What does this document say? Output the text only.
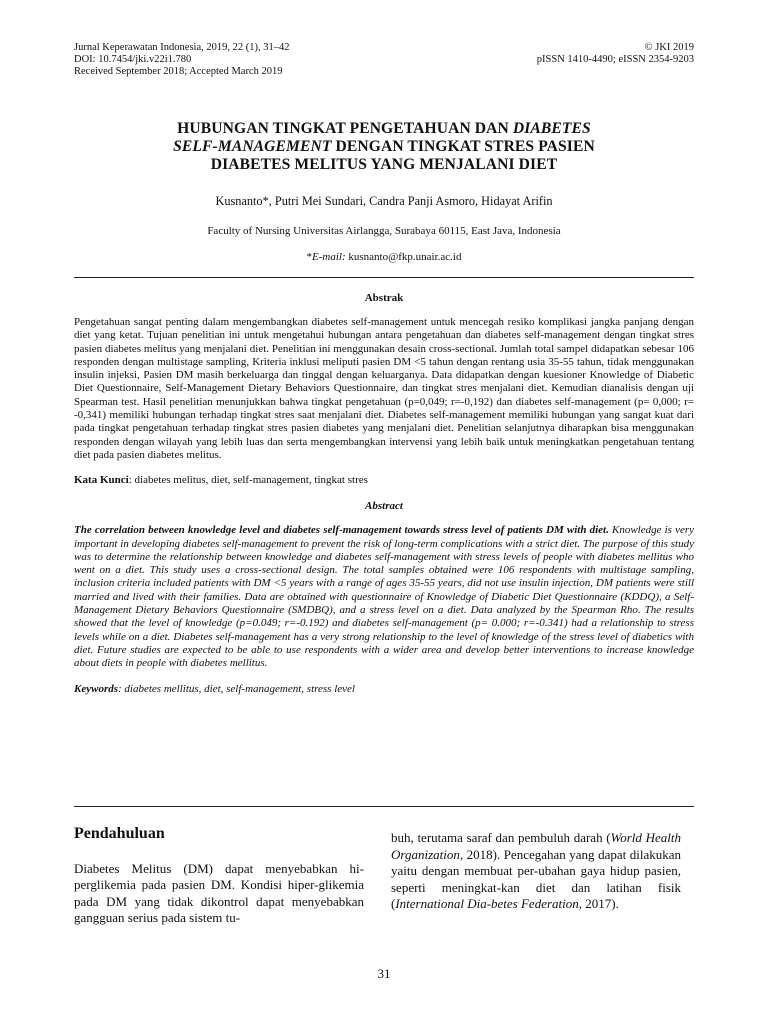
Jurnal Keperawatan Indonesia, 2019, 22 (1), 31–42
DOI: 10.7454/jki.v22i1.780
Received September 2018; Accepted March 2019
© JKI 2019
pISSN 1410-4490; eISSN 2354-9203
HUBUNGAN TINGKAT PENGETAHUAN DAN DIABETES
SELF-MANAGEMENT DENGAN TINGKAT STRES PASIEN
DIABETES MELITUS YANG MENJALANI DIET
Kusnanto*, Putri Mei Sundari, Candra Panji Asmoro, Hidayat Arifin
Faculty of Nursing Universitas Airlangga, Surabaya 60115, East Java, Indonesia
*E-mail: kusnanto@fkp.unair.ac.id
Abstrak
Pengetahuan sangat penting dalam mengembangkan diabetes self-management untuk mencegah resiko komplikasi jangka panjang dengan diet yang ketat. Tujuan penelitian ini untuk mengetahui hubungan antara pengetahuan dan diabetes self-management dengan tingkat stres pasien diabetes melitus yang menjalani diet. Penelitian ini menggunakan desain cross-sectional. Jumlah total sampel didapatkan sebesar 106 responden dengan multistage sampling, Kriteria inklusi meliputi pasien DM <5 tahun dengan rentang usia 35-55 tahun, tidak menggunakan insulin injeksi, Pasien DM masih berkeluarga dan tinggal dengan keluarganya. Data didapatkan dengan kuesioner Knowledge of Diabetic Diet Questionnaire, Self-Management Dietary Behaviors Questionnaire, dan tingkat stres menjalani diet. Kemudian dianalisis dengan uji Spearman test. Hasil penelitian menunjukkan bahwa tingkat pengetahuan (p=0,049; r=-0,192) dan diabetes self-management (p= 0,000; r= -0,341) memiliki hubungan terhadap tingkat stres saat menjalani diet. Diabetes self-management memiliki hubungan yang sangat kuat dari pada tingkat pengetahuan terhadap tingkat stres pasien diabetes yang menjalani diet. Penelitian selanjutnya diharapkan bisa menggunakan responden dengan wilayah yang lebih luas dan serta mengembangkan intervensi yang lebih baik untuk meningkatkan pengetahuan tentang diet pada pasien diabetes melitus.
Kata Kunci: diabetes melitus, diet, self-management, tingkat stres
Abstract
The correlation between knowledge level and diabetes self-management towards stress level of patients DM with diet. Knowledge is very important in developing diabetes self-management to prevent the risk of long-term complications with a strict diet. The purpose of this study was to determine the relationship between knowledge and diabetes self-management with stress levels of people with diabetes mellitus who went on a diet. This study uses a cross-sectional design. The total samples obtained were 106 respondents with multistage sampling, inclusion criteria included patients with DM <5 years with a range of ages 35-55 years, did not use insulin injection, DM patients were still married and lived with their families. Data are obtained with questionnaire of Knowledge of Diabetic Diet Questionnaire (KDDQ), a Self-Management Dietary Behaviors Questionnaire (SMDBQ), and a stress level on a diet. Data analyzed by the Spearman Rho. The results showed that the level of knowledge (p=0.049; r=-0.192) and diabetes self-management (p= 0.000; r=-0.341) had a relationship to stress levels while on a diet. Diabetes self-management has a very strong relationship to the level of knowledge of the stress level of diabetics with diet. Future studies are expected to be able to use respondents with a wider area and develop better interventions to increase knowledge about diets in people with diabetes mellitus.
Keywords: diabetes mellitus, diet, self-management, stress level
Pendahuluan
Diabetes Melitus (DM) dapat menyebabkan hi-perglikemia pada pasien DM. Kondisi hiper-glikemia pada DM yang tidak dikontrol dapat menyebabkan gangguan serius pada sistem tu-
buh, terutama saraf dan pembuluh darah (World Health Organization, 2018). Pencegahan yang dapat dilakukan yaitu dengan membuat per-ubahan gaya hidup pasien, seperti meningkat-kan diet dan latihan fisik (International Dia-betes Federation, 2017).
31
